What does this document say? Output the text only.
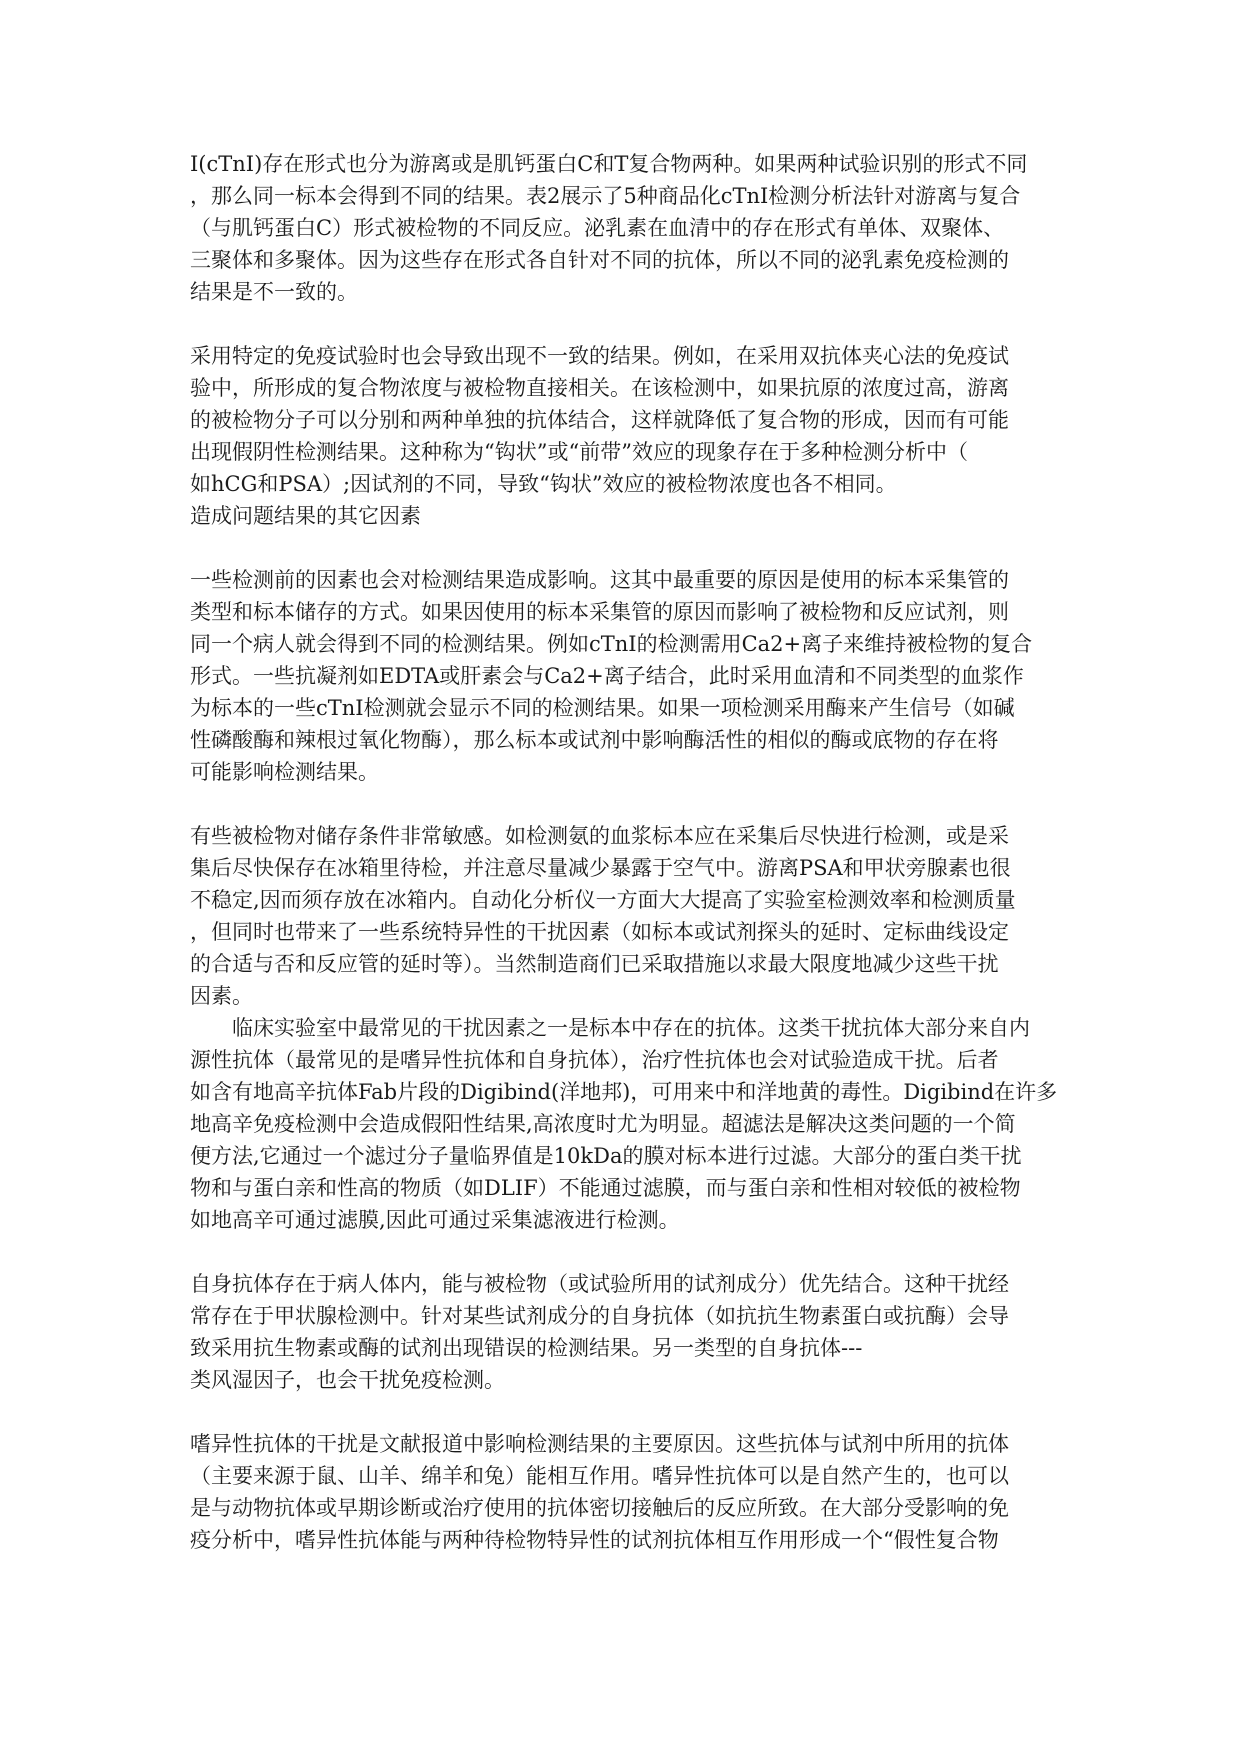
I(cTnI)存在形式也分为游离或是肌钙蛋白C和T复合物两种。如果两种试验识别的形式不同
，那么同一标本会得到不同的结果。表2展示了5种商品化cTnI检测分析法针对游离与复合
（与肌钙蛋白C）形式被检物的不同反应。泌乳素在血清中的存在形式有单体、双聚体、
三聚体和多聚体。因为这些存在形式各自针对不同的抗体，所以不同的泌乳素免疫检测的
结果是不一致的。
采用特定的免疫试验时也会导致出现不一致的结果。例如，在采用双抗体夹心法的免疫试
验中，所形成的复合物浓度与被检物直接相关。在该检测中，如果抗原的浓度过高，游离
的被检物分子可以分别和两种单独的抗体结合，这样就降低了复合物的形成，因而有可能
出现假阴性检测结果。这种称为“钩状”或“前带”效应的现象存在于多种检测分析中（
如hCG和PSA）;因试剂的不同，导致“钩状”效应的被检物浓度也各不相同。
造成问题结果的其它因素
一些检测前的因素也会对检测结果造成影响。这其中最重要的原因是使用的标本采集管的
类型和标本储存的方式。如果因使用的标本采集管的原因而影响了被检物和反应试剂，则
同一个病人就会得到不同的检测结果。例如cTnI的检测需用Ca2+离子来维持被检物的复合
形式。一些抗凝剂如EDTA或肝素会与Ca2+离子结合，此时采用血清和不同类型的血浆作
为标本的一些cTnI检测就会显示不同的检测结果。如果一项检测采用酶来产生信号（如碱
性磷酸酶和辣根过氧化物酶），那么标本或试剂中影响酶活性的相似的酶或底物的存在将
可能影响检测结果。
有些被检物对储存条件非常敏感。如检测氨的血浆标本应在采集后尽快进行检测，或是采
集后尽快保存在冰箱里待检，并注意尽量减少暴露于空气中。游离PSA和甲状旁腺素也很
不稳定,因而须存放在冰箱内。自动化分析仪一方面大大提高了实验室检测效率和检测质量
，但同时也带来了一些系统特异性的干扰因素（如标本或试剂探头的延时、定标曲线设定
的合适与否和反应管的延时等）。当然制造商们已采取措施以求最大限度地减少这些干扰
因素。
临床实验室中最常见的干扰因素之一是标本中存在的抗体。这类干扰抗体大部分来自内
源性抗体（最常见的是嗜异性抗体和自身抗体），治疗性抗体也会对试验造成干扰。后者
如含有地高辛抗体Fab片段的Digibind(洋地邦)，可用来中和洋地黄的毒性。Digibind在许多
地高辛免疫检测中会造成假阳性结果,高浓度时尤为明显。超滤法是解决这类问题的一个简
便方法,它通过一个滤过分子量临界值是10kDa的膜对标本进行过滤。大部分的蛋白类干扰
物和与蛋白亲和性高的物质（如DLIF）不能通过滤膜，而与蛋白亲和性相对较低的被检物
如地高辛可通过滤膜,因此可通过采集滤液进行检测。
自身抗体存在于病人体内，能与被检物（或试验所用的试剂成分）优先结合。这种干扰经
常存在于甲状腺检测中。针对某些试剂成分的自身抗体（如抗抗生物素蛋白或抗酶）会导
致采用抗生物素或酶的试剂出现错误的检测结果。另一类型的自身抗体---
类风湿因子，也会干扰免疫检测。
嗜异性抗体的干扰是文献报道中影响检测结果的主要原因。这些抗体与试剂中所用的抗体
（主要来源于鼠、山羊、绵羊和兔）能相互作用。嗜异性抗体可以是自然产生的，也可以
是与动物抗体或早期诊断或治疗使用的抗体密切接触后的反应所致。在大部分受影响的免
疫分析中，嗜异性抗体能与两种待检物特异性的试剂抗体相互作用形成一个“假性复合物
